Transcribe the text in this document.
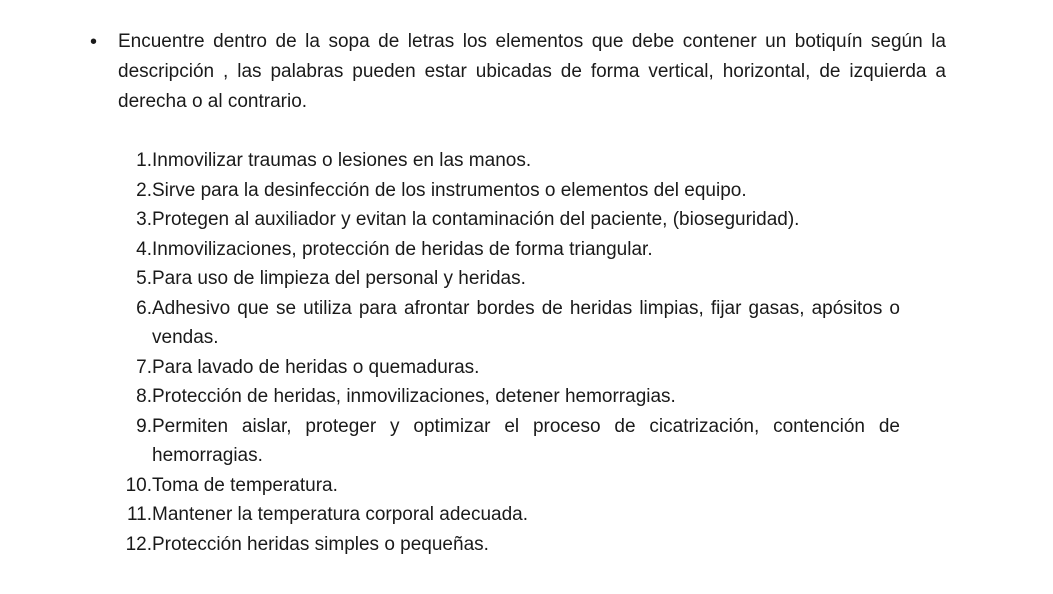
•	Encuentre dentro de la sopa de letras los elementos que debe contener un botiquín según la descripción , las palabras pueden estar ubicadas de forma vertical, horizontal, de izquierda a derecha o al contrario.
1. Inmovilizar traumas o lesiones en las manos.
2. Sirve para la desinfección de los instrumentos o elementos del equipo.
3. Protegen al auxiliador y evitan la contaminación del paciente, (bioseguridad).
4. Inmovilizaciones, protección de heridas de forma triangular.
5. Para uso de limpieza del personal y heridas.
6. Adhesivo que se utiliza para afrontar bordes de heridas limpias, fijar gasas, apósitos o vendas.
7. Para lavado de heridas o quemaduras.
8. Protección de heridas, inmovilizaciones, detener hemorragias.
9. Permiten aislar, proteger y optimizar el proceso de cicatrización, contención de hemorragias.
10. Toma de temperatura.
11. Mantener la temperatura corporal adecuada.
12. Protección heridas simples o pequeñas.
